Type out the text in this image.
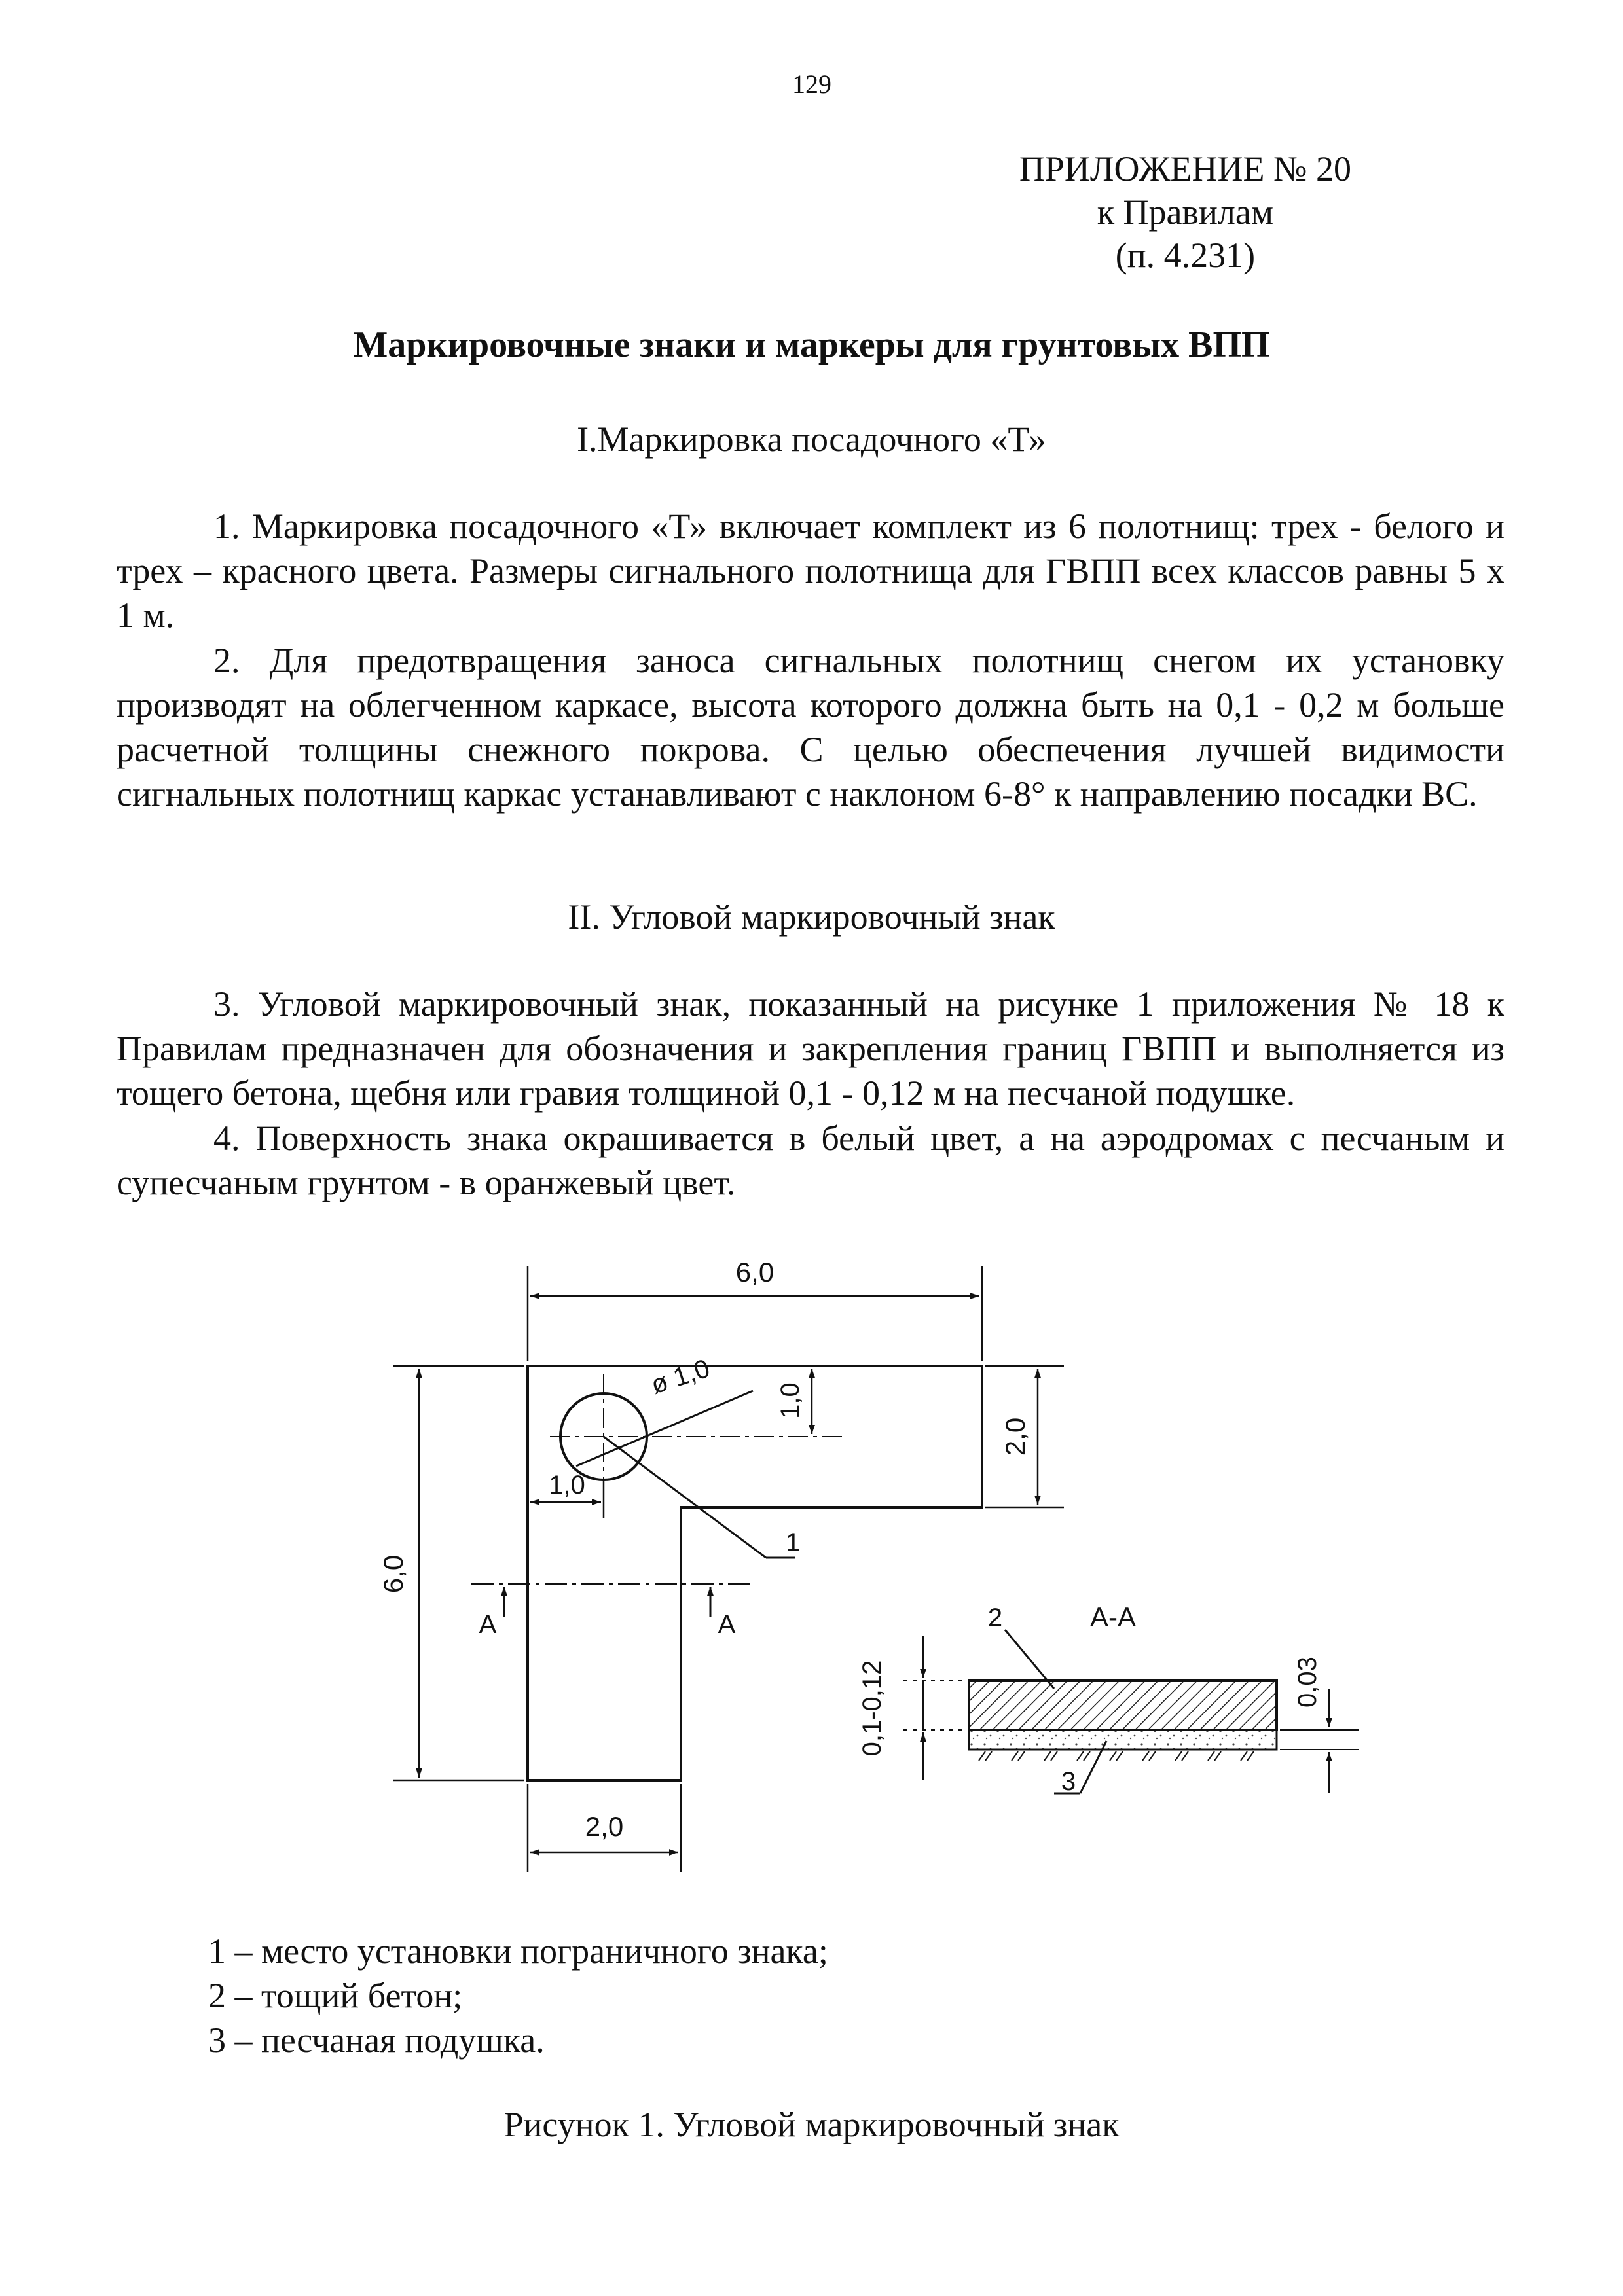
129
ПРИЛОЖЕНИЕ № 20
к Правилам
(п. 4.231)
Маркировочные знаки и маркеры для грунтовых ВПП
I.Маркировка посадочного «Т»
1. Маркировка посадочного «Т» включает комплект из 6 полотнищ: трех - белого и трех – красного цвета. Размеры сигнального полотнища для ГВПП всех классов равны 5 х 1 м.
2. Для предотвращения заноса сигнальных полотнищ снегом их установку производят на облегченном каркасе, высота которого должна быть на 0,1 - 0,2 м больше расчетной толщины снежного покрова. С целью обеспечения лучшей видимости сигнальных полотнищ каркас устанавливают с наклоном 6-8° к направлению посадки ВС.
II. Угловой маркировочный знак
3. Угловой маркировочный знак, показанный на рисунке 1 приложения № 18 к Правилам предназначен для обозначения и закрепления границ ГВПП и выполняется из тощего бетона, щебня или гравия толщиной 0,1 - 0,12 м на песчаной подушке.
4. Поверхность знака окрашивается в белый цвет, а на аэродромах с песчаным и супесчаным грунтом - в оранжевый цвет.
ø 1,0
6,0
6,0
2,0
1,0
1,0
1
А	А
2,0
А-А
2
3
0,1-0,12	0,03
1 – место установки пограничного знака;
2 – тощий бетон;
3 – песчаная подушка.
Рисунок 1. Угловой маркировочный знак
